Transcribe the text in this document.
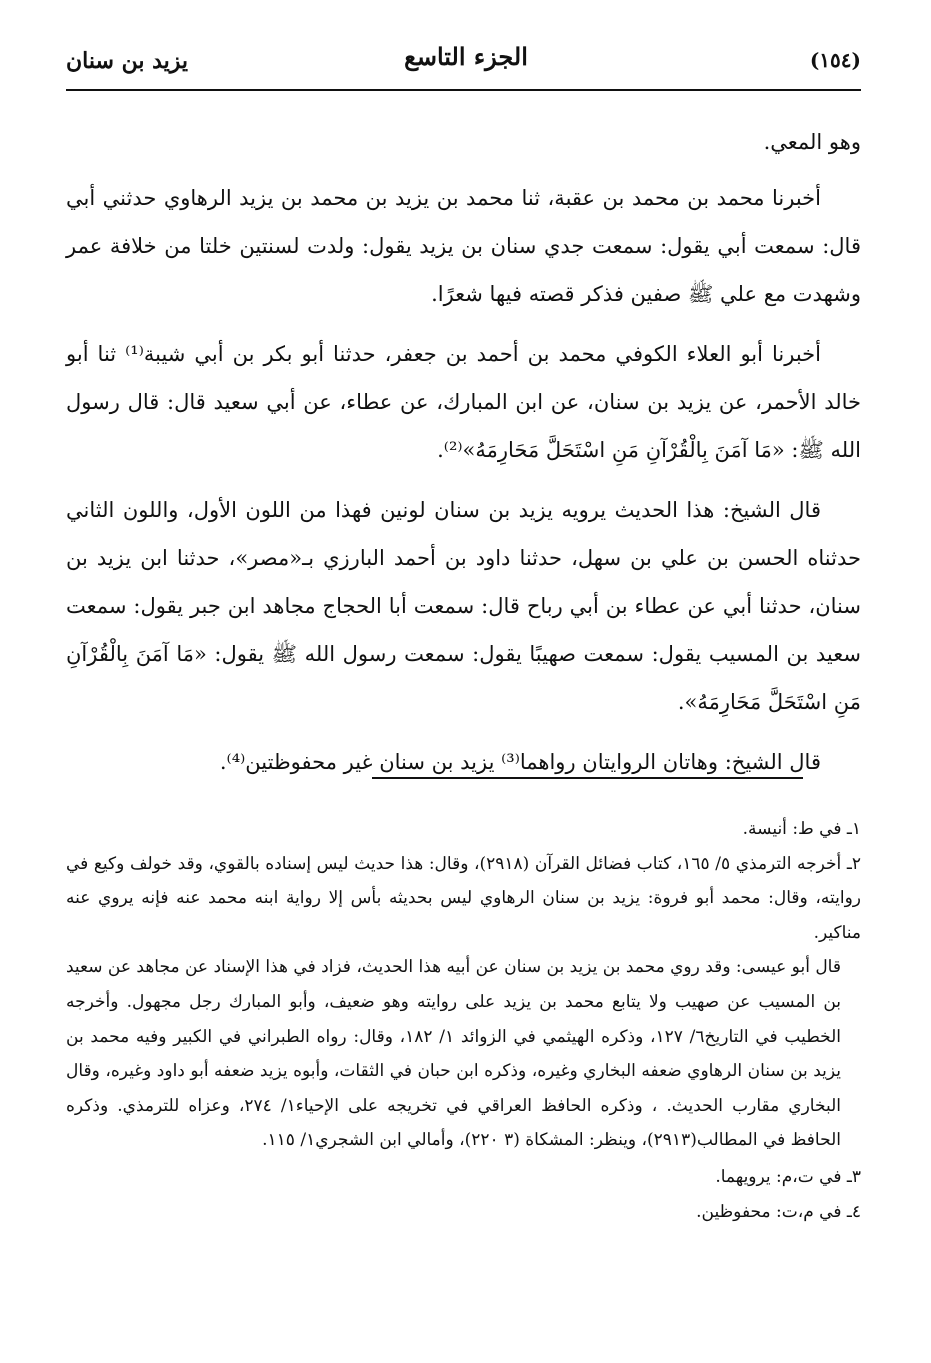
(١٥٤)
الجزء التاسع
يزيد بن سنان

وهو المعي.

أخبرنا محمد بن محمد بن عقبة، ثنا محمد بن يزيد بن محمد بن يزيد الرهاوي حدثني أبي قال: سمعت أبي يقول: سمعت جدي سنان بن يزيد يقول: ولدت لسنتين خلتا من خلافة عمر وشهدت مع علي ﷺ صفين فذكر قصته فيها شعرًا.

أخبرنا أبو العلاء الكوفي محمد بن أحمد بن جعفر، حدثنا أبو بكر بن أبي شيبة⁽¹⁾ ثنا أبو خالد الأحمر، عن يزيد بن سنان، عن ابن المبارك، عن عطاء، عن أبي سعيد قال: قال رسول الله ﷺ: «مَا آمَنَ بِالْقُرْآنِ مَنِ اسْتَحَلَّ مَحَارِمَهُ»⁽²⁾.

قال الشيخ: هذا الحديث يرويه يزيد بن سنان لونين فهذا من اللون الأول، واللون الثاني حدثناه الحسن بن علي بن سهل، حدثنا داود بن أحمد البارزي بـ«مصر»، حدثنا ابن يزيد بن سنان، حدثنا أبي عن عطاء بن أبي رباح قال: سمعت أبا الحجاج مجاهد ابن جبر يقول: سمعت سعيد بن المسيب يقول: سمعت صهيبًا يقول: سمعت رسول الله ﷺ يقول: «مَا آمَنَ بِالْقُرْآنِ مَنِ اسْتَحَلَّ مَحَارِمَهُ».

قال الشيخ: وهاتان الروايتان رواهما⁽³⁾ يزيد بن سنان غير محفوظتين⁽⁴⁾.

١ـ في ط: أنيسة.

٢ـ أخرجه الترمذي ٥/ ١٦٥، كتاب فضائل القرآن (٢٩١٨)، وقال: هذا حديث ليس إسناده بالقوي، وقد خولف وكيع في روايته، وقال: محمد أبو فروة: يزيد بن سنان الرهاوي ليس بحديثه بأس إلا رواية ابنه محمد عنه فإنه يروي عنه مناكير.

قال أبو عيسى: وقد روي محمد بن يزيد بن سنان عن أبيه هذا الحديث، فزاد في هذا الإسناد عن مجاهد عن سعيد بن المسيب عن صهيب ولا يتابع محمد بن يزيد على روايته وهو ضعيف، وأبو المبارك رجل مجهول. وأخرجه الخطيب في التاريخ٦/ ١٢٧، وذكره الهيثمي في الزوائد ١/ ١٨٢، وقال: رواه الطبراني في الكبير وفيه محمد بن يزيد بن سنان الرهاوي ضعفه البخاري وغيره، وذكره ابن حبان في الثقات، وأبوه يزيد ضعفه أبو داود وغيره، وقال البخاري مقارب الحديث. ، وذكره الحافظ العراقي في تخريجه على الإحياء١/ ٢٧٤، وعزاه للترمذي. وذكره الحافظ في المطالب(٢٩١٣)، وينظر: المشكاة (٣ ٢٢٠)، وأمالي ابن الشجري١/ ١١٥.

٣ـ في ت،م: يرويهما.

٤ـ في م،ت: محفوظين.
